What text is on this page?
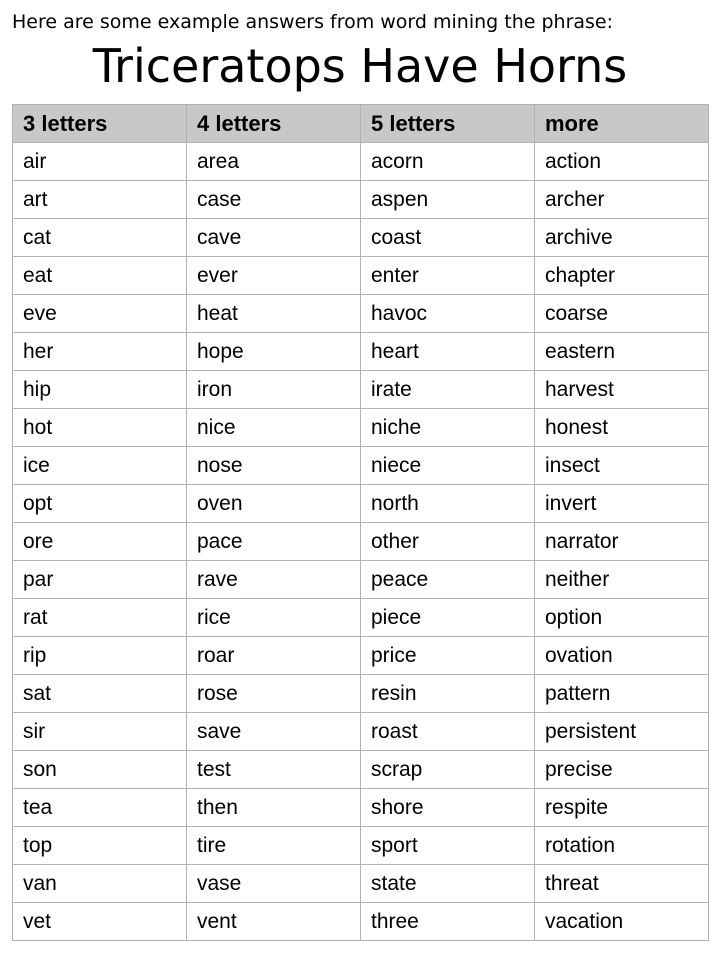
Here are some example answers from word mining the phrase:
Triceratops Have Horns
3 letters	4 letters	5 letters	more
air	area	acorn	action
art	case	aspen	archer
cat	cave	coast	archive
eat	ever	enter	chapter
eve	heat	havoc	coarse
her	hope	heart	eastern
hip	iron	irate	harvest
hot	nice	niche	honest
ice	nose	niece	insect
opt	oven	north	invert
ore	pace	other	narrator
par	rave	peace	neither
rat	rice	piece	option
rip	roar	price	ovation
sat	rose	resin	pattern
sir	save	roast	persistent
son	test	scrap	precise
tea	then	shore	respite
top	tire	sport	rotation
van	vase	state	threat
vet	vent	three	vacation
